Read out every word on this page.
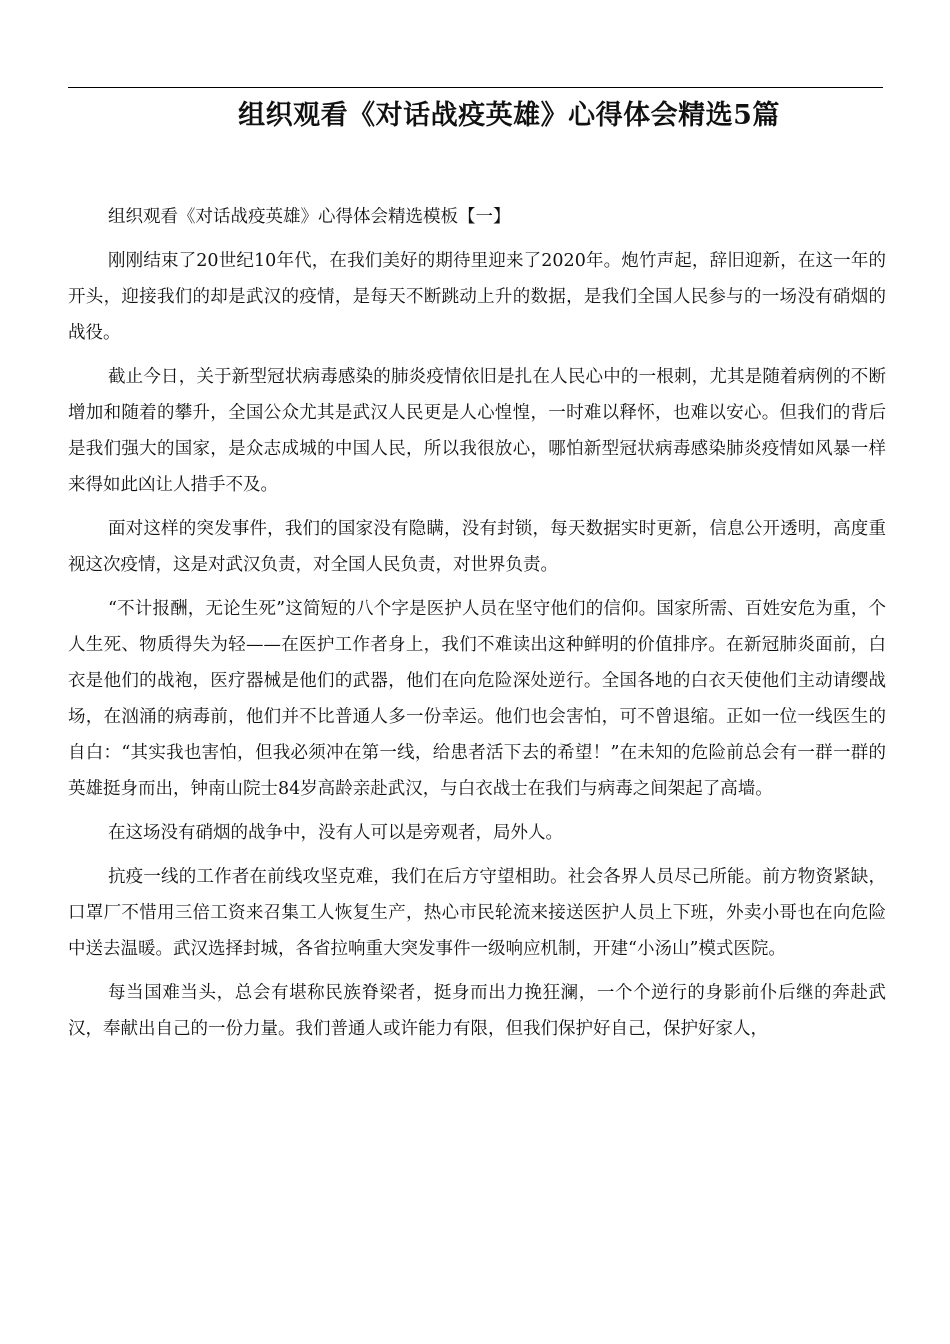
组织观看《对话战疫英雄》心得体会精选5篇

组织观看《对话战疫英雄》心得体会精选模板【一】

刚刚结束了20世纪10年代，在我们美好的期待里迎来了2020年。炮竹声起，辞旧迎新，在这一年的开头，迎接我们的却是武汉的疫情，是每天不断跳动上升的数据，是我们全国人民参与的一场没有硝烟的战役。

截止今日，关于新型冠状病毒感染的肺炎疫情依旧是扎在人民心中的一根刺，尤其是随着病例的不断增加和随着的攀升，全国公众尤其是武汉人民更是人心惶惶，一时难以释怀，也难以安心。但我们的背后是我们强大的国家，是众志成城的中国人民，所以我很放心，哪怕新型冠状病毒感染肺炎疫情如风暴一样来得如此凶让人措手不及。

面对这样的突发事件，我们的国家没有隐瞒，没有封锁，每天数据实时更新，信息公开透明，高度重视这次疫情，这是对武汉负责，对全国人民负责，对世界负责。

“不计报酬，无论生死”这简短的八个字是医护人员在坚守他们的信仰。国家所需、百姓安危为重，个人生死、物质得失为轻——在医护工作者身上，我们不难读出这种鲜明的价值排序。在新冠肺炎面前，白衣是他们的战袍，医疗器械是他们的武器，他们在向危险深处逆行。全国各地的白衣天使他们主动请缨战场，在汹涌的病毒前，他们并不比普通人多一份幸运。他们也会害怕，可不曾退缩。正如一位一线医生的自白：“其实我也害怕，但我必须冲在第一线，给患者活下去的希望！”在未知的危险前总会有一群一群的英雄挺身而出，钟南山院士84岁高龄亲赴武汉，与白衣战士在我们与病毒之间架起了高墙。

在这场没有硝烟的战争中，没有人可以是旁观者，局外人。

抗疫一线的工作者在前线攻坚克难，我们在后方守望相助。社会各界人员尽己所能。前方物资紧缺，口罩厂不惜用三倍工资来召集工人恢复生产，热心市民轮流来接送医护人员上下班，外卖小哥也在向危险中送去温暖。武汉选择封城，各省拉响重大突发事件一级响应机制，开建“小汤山”模式医院。

每当国难当头，总会有堪称民族脊梁者，挺身而出力挽狂澜，一个个逆行的身影前仆后继的奔赴武汉，奉献出自己的一份力量。我们普通人或许能力有限，但我们保护好自己，保护好家人，
